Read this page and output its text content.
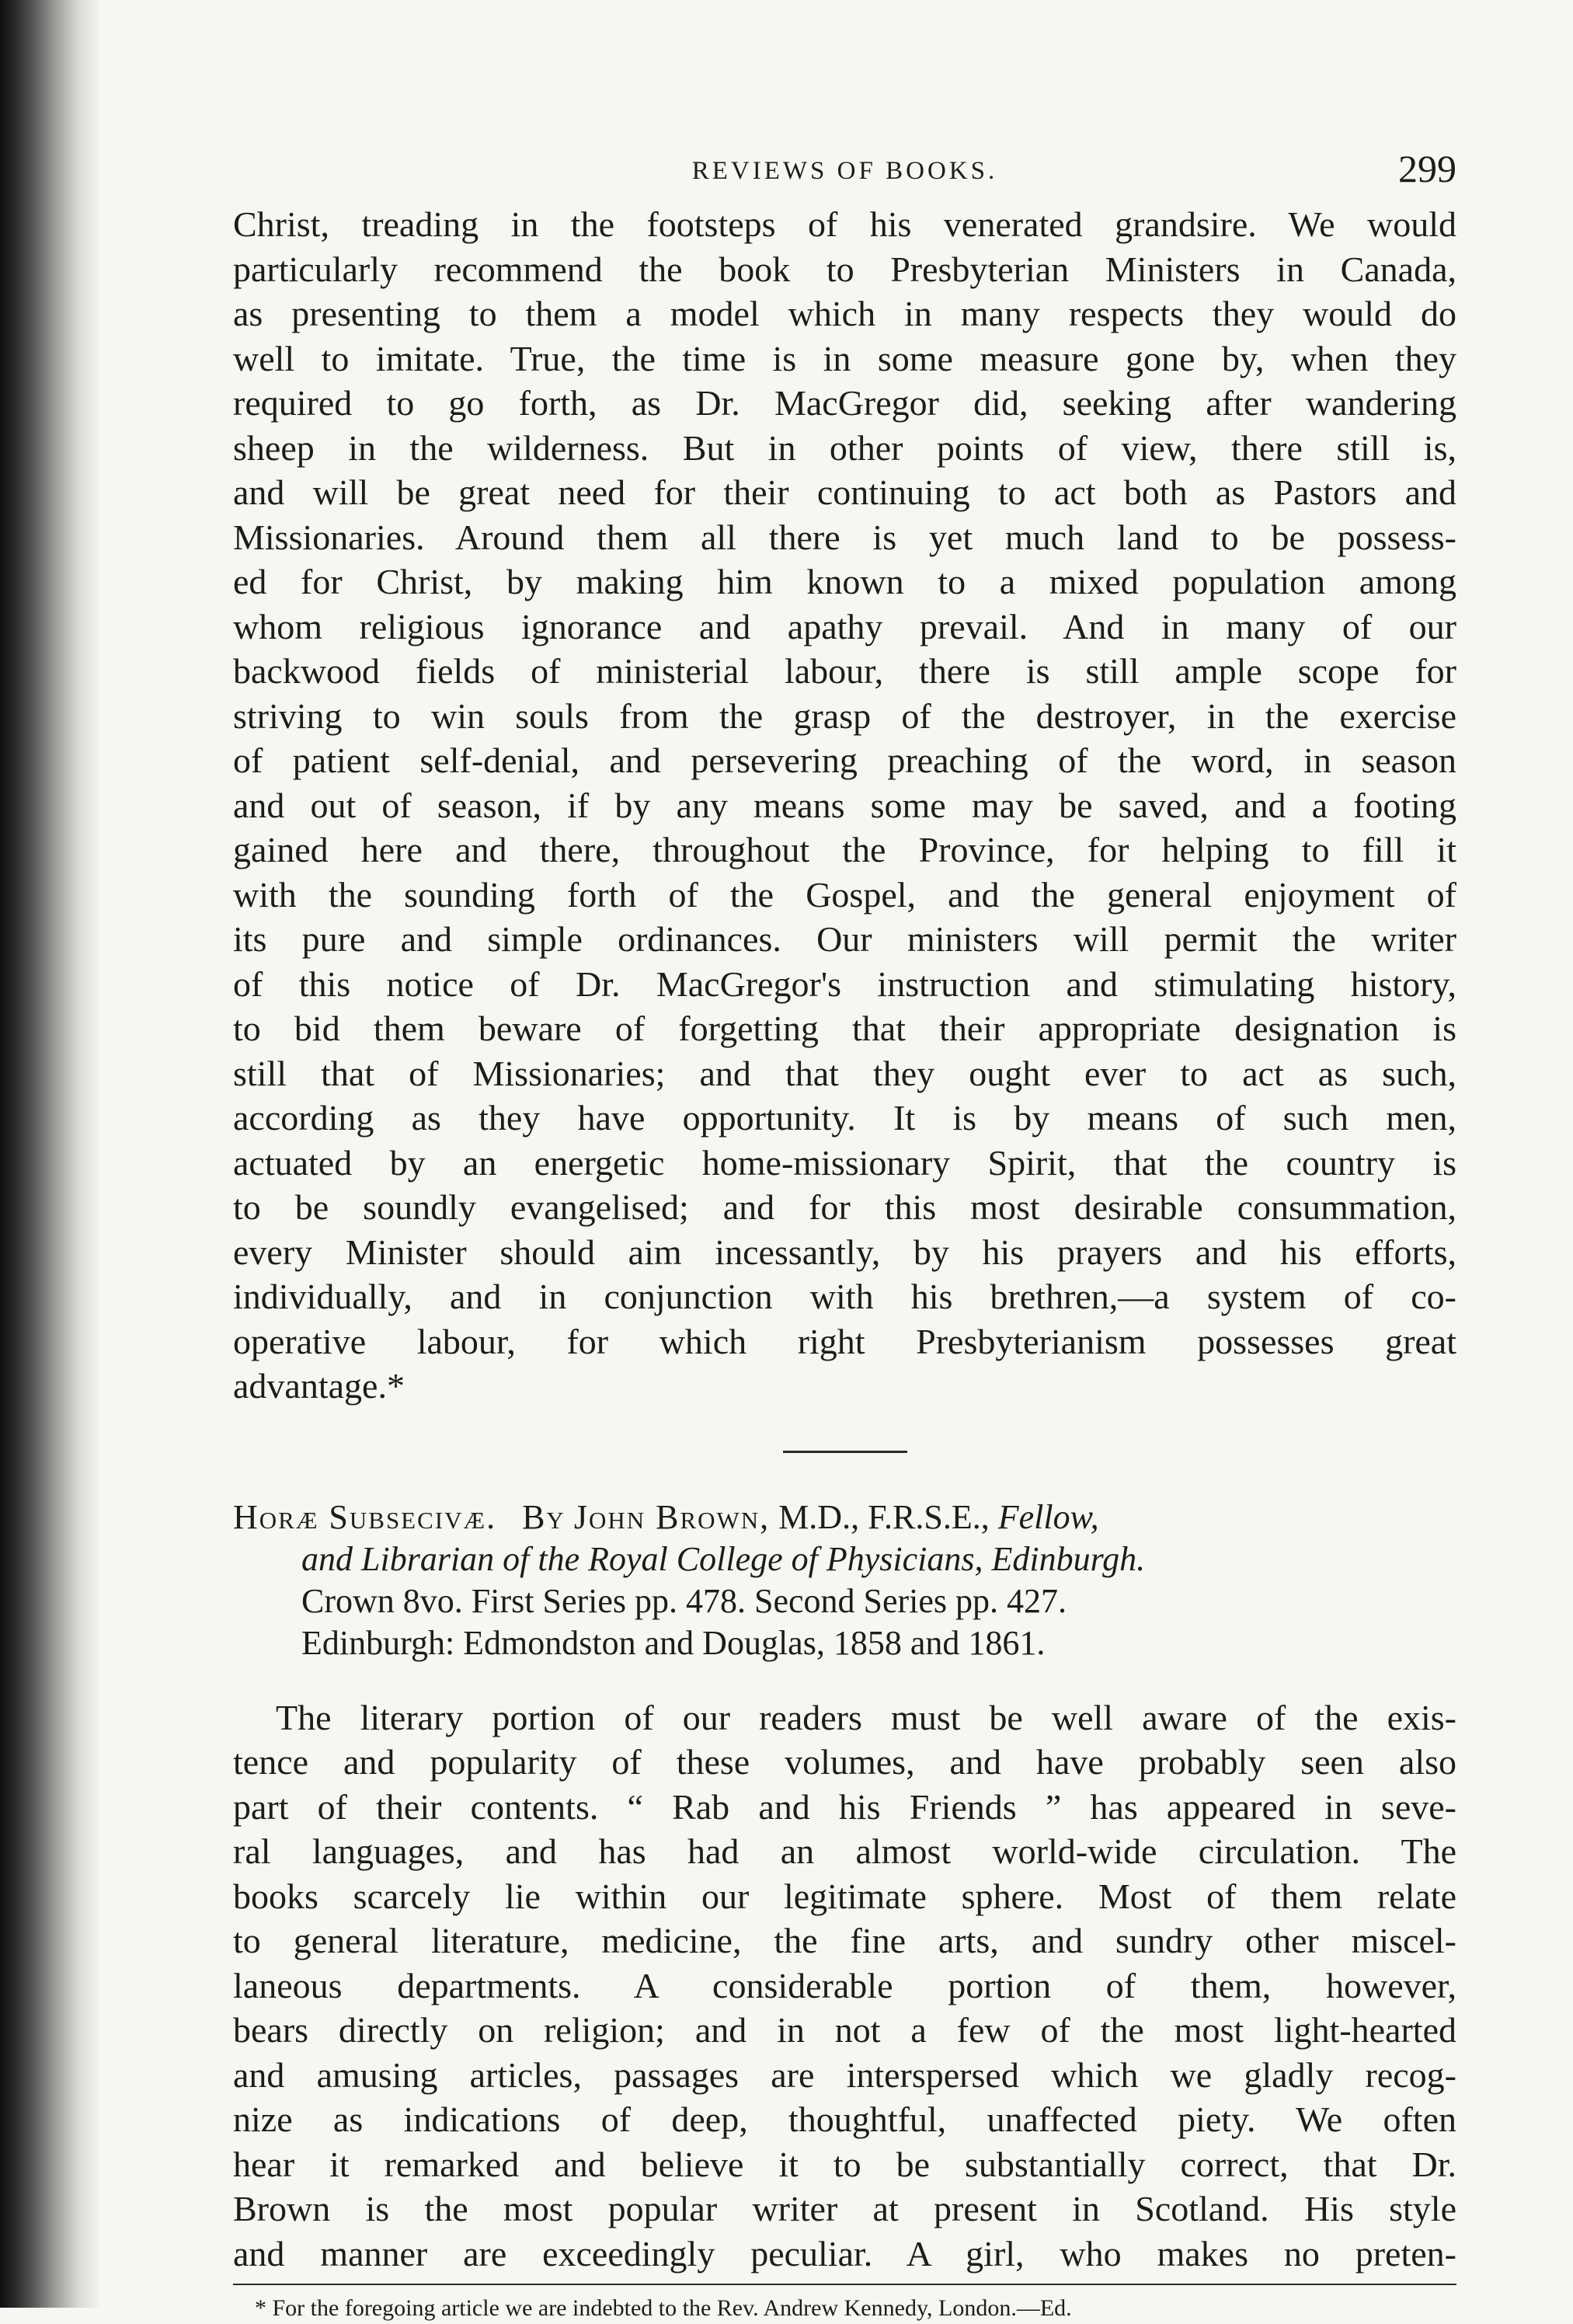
REVIEWS OF BOOKS.	299
Christ, treading in the footsteps of his venerated grandsire. We would
particularly recommend the book to Presbyterian Ministers in Canada,
as presenting to them a model which in many respects they would do
well to imitate. True, the time is in some measure gone by, when they
required to go forth, as Dr. MacGregor did, seeking after wandering
sheep in the wilderness. But in other points of view, there still is,
and will be great need for their continuing to act both as Pastors and
Missionaries. Around them all there is yet much land to be possess-
ed for Christ, by making him known to a mixed population among
whom religious ignorance and apathy prevail. And in many of our
backwood fields of ministerial labour, there is still ample scope for
striving to win souls from the grasp of the destroyer, in the exercise
of patient self-denial, and persevering preaching of the word, in season
and out of season, if by any means some may be saved, and a footing
gained here and there, throughout the Province, for helping to fill it
with the sounding forth of the Gospel, and the general enjoyment of
its pure and simple ordinances. Our ministers will permit the writer
of this notice of Dr. MacGregor's instruction and stimulating history,
to bid them beware of forgetting that their appropriate designation is
still that of Missionaries; and that they ought ever to act as such,
according as they have opportunity. It is by means of such men,
actuated by an energetic home-missionary Spirit, that the country is
to be soundly evangelised; and for this most desirable consummation,
every Minister should aim incessantly, by his prayers and his efforts,
individually, and in conjunction with his brethren,—a system of co-
operative labour, for which right Presbyterianism possesses great
advantage.*
Horæ Subsecivæ. By John Brown, M.D., F.R.S.E., Fellow,
and Librarian of the Royal College of Physicians, Edinburgh.
Crown 8vo. First Series pp. 478. Second Series pp. 427.
Edinburgh: Edmondston and Douglas, 1858 and 1861.
The literary portion of our readers must be well aware of the exis-
tence and popularity of these volumes, and have probably seen also
part of their contents. “ Rab and his Friends ” has appeared in seve-
ral languages, and has had an almost world-wide circulation. The
books scarcely lie within our legitimate sphere. Most of them relate
to general literature, medicine, the fine arts, and sundry other miscel-
laneous departments. A considerable portion of them, however,
bears directly on religion; and in not a few of the most light-hearted
and amusing articles, passages are interspersed which we gladly recog-
nize as indications of deep, thoughtful, unaffected piety. We often
hear it remarked and believe it to be substantially correct, that Dr.
Brown is the most popular writer at present in Scotland. His style
and manner are exceedingly peculiar. A girl, who makes no preten-
* For the foregoing article we are indebted to the Rev. Andrew Kennedy, London.—Ed.
